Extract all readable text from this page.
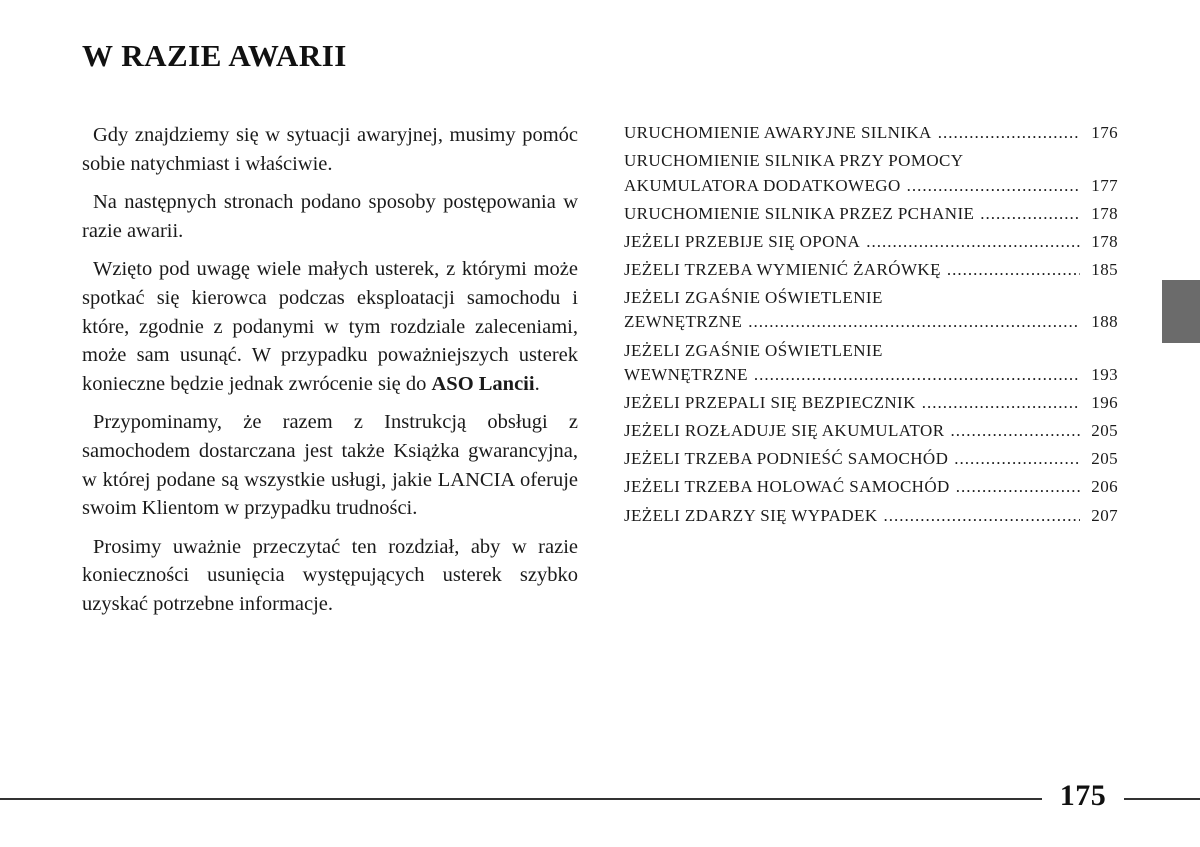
W RAZIE AWARII

Gdy znajdziemy się w sytuacji awaryjnej, musimy pomóc sobie natychmiast i właściwie.

Na następnych stronach podano sposoby postępowania w razie awarii.

Wzięto pod uwagę wiele małych usterek, z którymi może spotkać się kierowca podczas eksploatacji samochodu i które, zgodnie z podanymi w tym rozdziale zaleceniami, może sam usunąć. W przypadku poważniejszych usterek konieczne będzie jednak zwrócenie się do ASO Lancii.

Przypominamy, że razem z Instrukcją obsługi z samochodem dostarczana jest także Książka gwarancyjna, w której podane są wszystkie usługi, jakie LANCIA oferuje swoim Klientom w przypadku trudności.

Prosimy uważnie przeczytać ten rozdział, aby w razie konieczności usunięcia występujących usterek szybko uzyskać potrzebne informacje.

URUCHOMIENIE AWARYJNE SILNIKA .....	176
URUCHOMIENIE SILNIKA PRZY POMOCY
AKUMULATORA DODATKOWEGO .....	177
URUCHOMIENIE SILNIKA PRZEZ PCHANIE .....	178
JEŻELI PRZEBIJE SIĘ OPONA .....	178
JEŻELI TRZEBA WYMIENIĆ ŻARÓWKĘ .....	185
JEŻELI ZGAŚNIE OŚWIETLENIE
ZEWNĘTRZNE .....	188
JEŻELI ZGAŚNIE OŚWIETLENIE
WEWNĘTRZNE .....	193
JEŻELI PRZEPALI SIĘ BEZPIECZNIK .....	196
JEŻELI ROZŁADUJE SIĘ AKUMULATOR .....	205
JEŻELI TRZEBA PODNIEŚĆ SAMOCHÓD .....	205
JEŻELI TRZEBA HOLOWAĆ SAMOCHÓD .....	206
JEŻELI ZDARZY SIĘ WYPADEK .....	207
175
